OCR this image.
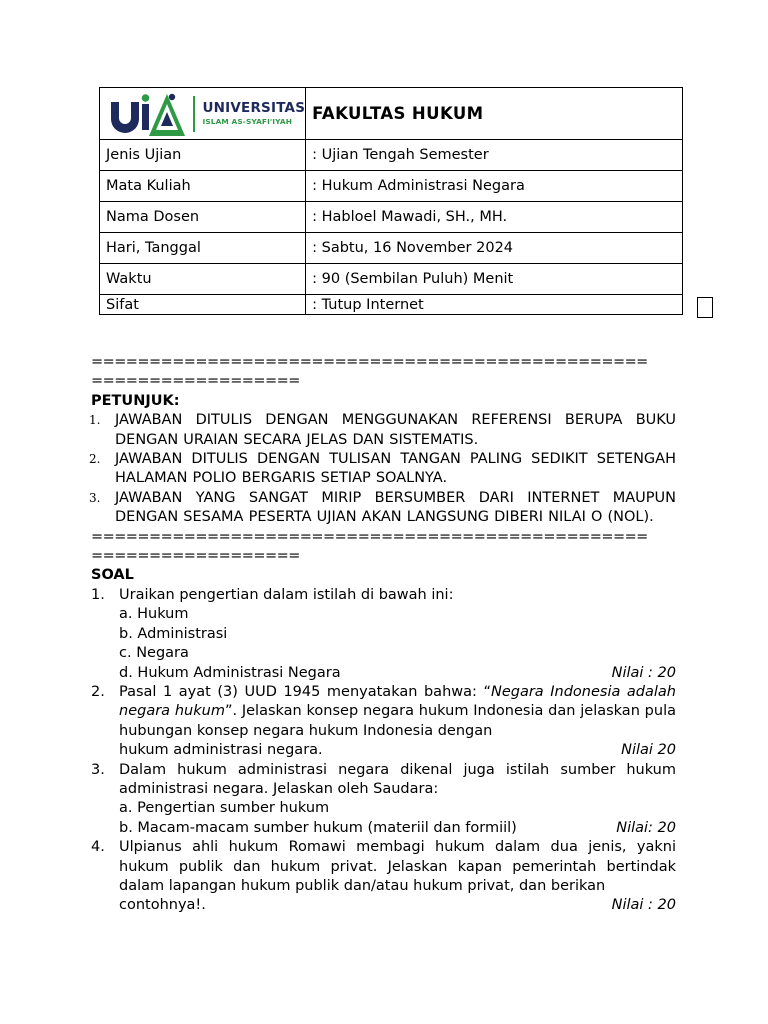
UNIVERSITAS
ISLAM AS-SYAFI'IYAH	FAKULTAS HUKUM
Jenis Ujian	: Ujian Tengah Semester
Mata Kuliah	: Hukum Administrasi Negara
Nama Dosen	: Habloel Mawadi, SH., MH.
Hari, Tanggal	: Sabtu, 16 November 2024
Waktu	: 90 (Sembilan Puluh) Menit
Sifat	: Tutup Internet
================================================
==================
PETUNJUK:
1. JAWABAN DITULIS DENGAN MENGGUNAKAN REFERENSI BERUPA BUKU DENGAN URAIAN SECARA JELAS DAN SISTEMATIS.
2. JAWABAN DITULIS DENGAN TULISAN TANGAN PALING SEDIKIT SETENGAH HALAMAN POLIO BERGARIS SETIAP SOALNYA.
3. JAWABAN YANG SANGAT MIRIP BERSUMBER DARI INTERNET MAUPUN DENGAN SESAMA PESERTA UJIAN AKAN LANGSUNG DIBERI NILAI O (NOL).
================================================
==================
SOAL
1. Uraikan pengertian dalam istilah di bawah ini:
a. Hukum
b. Administrasi
c. Negara
d. Hukum Administrasi Negara	Nilai : 20
2. Pasal 1 ayat (3) UUD 1945 menyatakan bahwa: “Negara Indonesia adalah negara hukum”. Jelaskan konsep negara hukum Indonesia dan jelaskan pula hubungan konsep negara hukum Indonesia dengan
hukum administrasi negara.	Nilai 20
3. Dalam hukum administrasi negara dikenal juga istilah sumber hukum administrasi negara. Jelaskan oleh Saudara:
a. Pengertian sumber hukum
b. Macam-macam sumber hukum (materiil dan formiil)	Nilai: 20
4. Ulpianus ahli hukum Romawi membagi hukum dalam dua jenis, yakni hukum publik dan hukum privat. Jelaskan kapan pemerintah bertindak dalam lapangan hukum publik dan/atau hukum privat, dan berikan
contohnya!.	Nilai : 20
